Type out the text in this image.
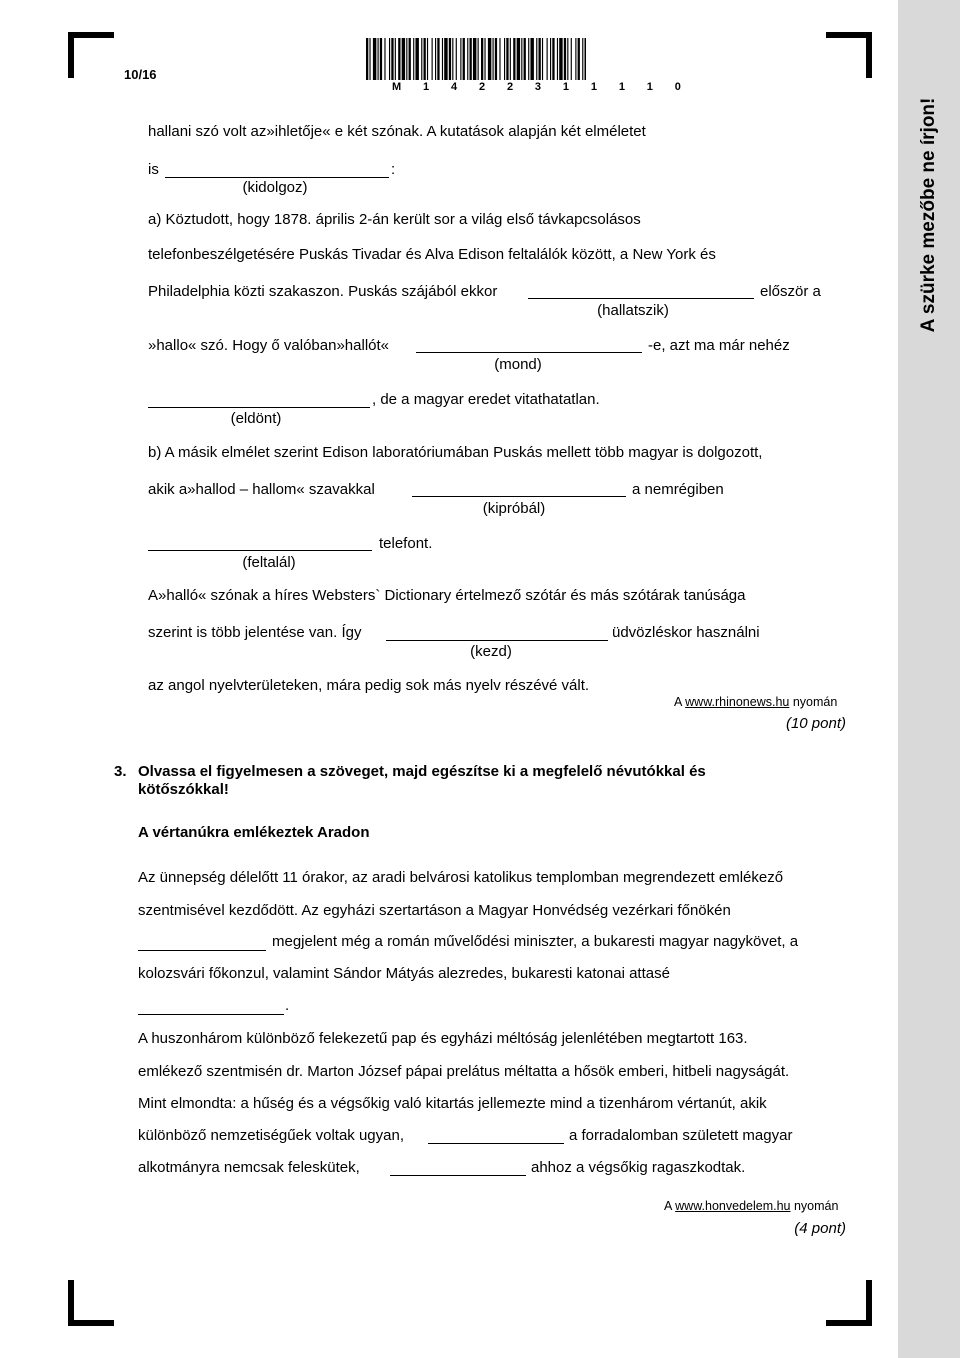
A szürke mezőbe ne írjon!
10/16
M 1 4 2 2 3 1 1 1 1 0
hallani szó volt az»ihletője« e két szónak. A kutatások alapján két elméletet
is	:
(kidolgoz)
a) Köztudott, hogy 1878. április 2-án került sor a világ első távkapcsolásos
telefonbeszélgetésére Puskás Tivadar és Alva Edison feltalálók között, a New York és
Philadelphia közti szakaszon. Puskás szájából ekkor	először a
(hallatszik)
»hallo« szó. Hogy ő valóban»hallót«	-e, azt ma már nehéz
(mond)
, de a magyar eredet vitathatatlan.
(eldönt)
b) A másik elmélet szerint Edison laboratóriumában Puskás mellett több magyar is dolgozott,
akik a»hallod – hallom« szavakkal	a nemrégiben
(kipróbál)
telefont.
(feltalál)
A»halló« szónak a híres Websters` Dictionary értelmező szótár és más szótárak tanúsága
szerint is több jelentése van. Így	üdvözléskor használni
(kezd)
az angol nyelvterületeken, mára pedig sok más nyelv részévé vált.
A www.rhinonews.hu nyomán
(10 pont)
3. Olvassa el figyelmesen a szöveget, majd egészítse ki a megfelelő névutókkal és
kötőszókkal!
A vértanúkra emlékeztek Aradon
Az ünnepség délelőtt 11 órakor, az aradi belvárosi katolikus templomban megrendezett emlékező
szentmisével kezdődött. Az egyházi szertartáson a Magyar Honvédség vezérkari főnökén
megjelent még a román művelődési miniszter, a bukaresti magyar nagykövet, a
kolozsvári főkonzul, valamint Sándor Mátyás alezredes, bukaresti katonai attasé
.
A huszonhárom különböző felekezetű pap és egyházi méltóság jelenlétében megtartott 163.
emlékező szentmisén dr. Marton József pápai prelátus méltatta a hősök emberi, hitbeli nagyságát.
Mint elmondta: a hűség és a végsőkig való kitartás jellemezte mind a tizenhárom vértanút, akik
különböző nemzetiségűek voltak ugyan,	a forradalomban született magyar
alkotmányra nemcsak feleskütek,	ahhoz a végsőkig ragaszkodtak.
A www.honvedelem.hu nyomán
(4 pont)
